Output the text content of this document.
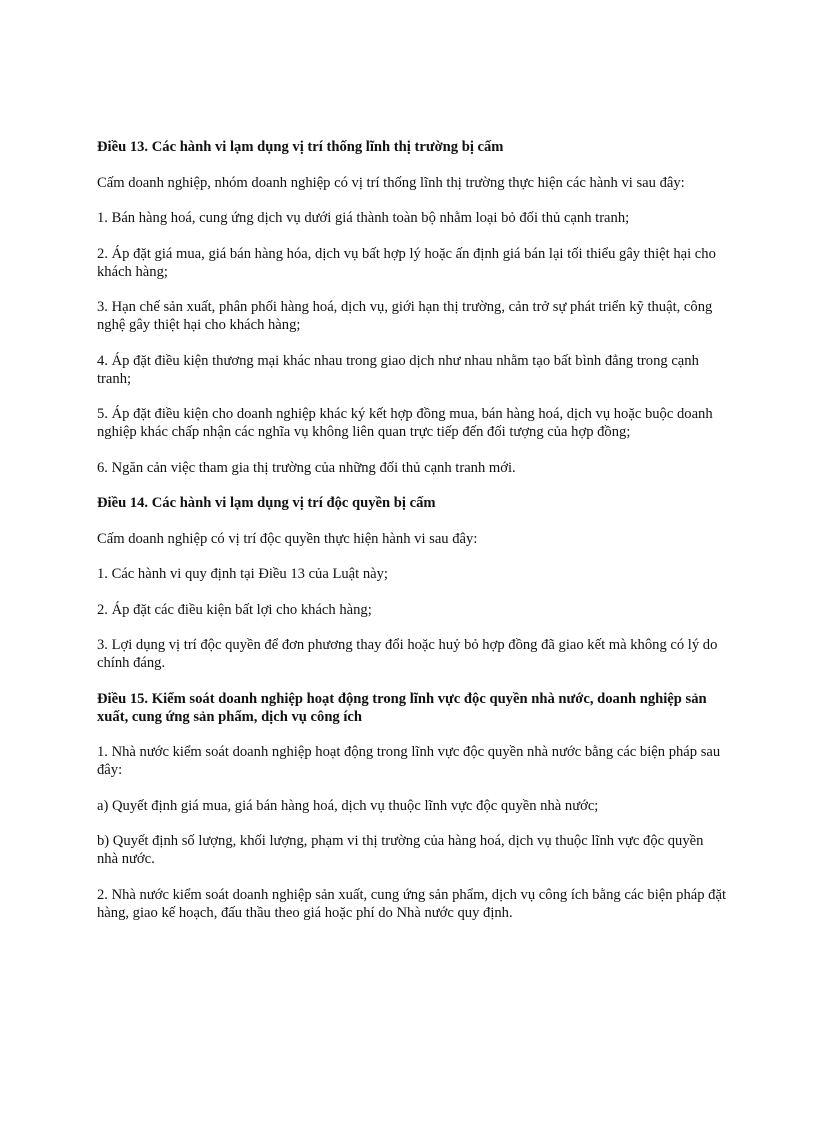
Điều 13. Các hành vi lạm dụng vị trí thống lĩnh thị trường bị cấm

Cấm doanh nghiệp, nhóm doanh nghiệp có vị trí thống lĩnh thị trường thực hiện các hành vi sau đây:

1. Bán hàng hoá, cung ứng dịch vụ dưới giá thành toàn bộ nhằm loại bỏ đối thủ cạnh tranh;

2. Áp đặt giá mua, giá bán hàng hóa, dịch vụ bất hợp lý hoặc ấn định giá bán lại tối thiểu gây thiệt hại cho khách hàng;

3. Hạn chế sản xuất, phân phối hàng hoá, dịch vụ, giới hạn thị trường, cản trở sự phát triển kỹ thuật, công nghệ gây thiệt hại cho khách hàng;

4. Áp đặt điều kiện thương mại khác nhau trong giao dịch như nhau nhằm tạo bất bình đẳng trong cạnh tranh;

5. Áp đặt điều kiện cho doanh nghiệp khác ký kết hợp đồng mua, bán hàng hoá, dịch vụ hoặc buộc doanh nghiệp khác chấp nhận các nghĩa vụ không liên quan trực tiếp đến đối tượng của hợp đồng;

6. Ngăn cản việc tham gia thị trường của những đối thủ cạnh tranh mới.

Điều 14. Các hành vi lạm dụng vị trí độc quyền bị cấm

Cấm doanh nghiệp có vị trí độc quyền thực hiện hành vi sau đây:

1. Các hành vi quy định tại Điều 13 của Luật này;

2. Áp đặt các điều kiện bất lợi cho khách hàng;

3. Lợi dụng vị trí độc quyền để đơn phương thay đổi hoặc huỷ bỏ hợp đồng đã giao kết mà không có lý do chính đáng.

Điều 15. Kiểm soát doanh nghiệp hoạt động trong lĩnh vực độc quyền nhà nước, doanh nghiệp sản xuất, cung ứng sản phẩm, dịch vụ công ích

1. Nhà nước kiểm soát doanh nghiệp hoạt động trong lĩnh vực độc quyền nhà nước bằng các biện pháp sau đây:

a) Quyết định giá mua, giá bán hàng hoá, dịch vụ thuộc lĩnh vực độc quyền nhà nước;

b) Quyết định số lượng, khối lượng, phạm vi thị trường của hàng hoá, dịch vụ thuộc lĩnh vực độc quyền nhà nước.

2. Nhà nước kiểm soát doanh nghiệp sản xuất, cung ứng sản phẩm, dịch vụ công ích bằng các biện pháp đặt hàng, giao kế hoạch, đấu thầu theo giá hoặc phí do Nhà nước quy định.
